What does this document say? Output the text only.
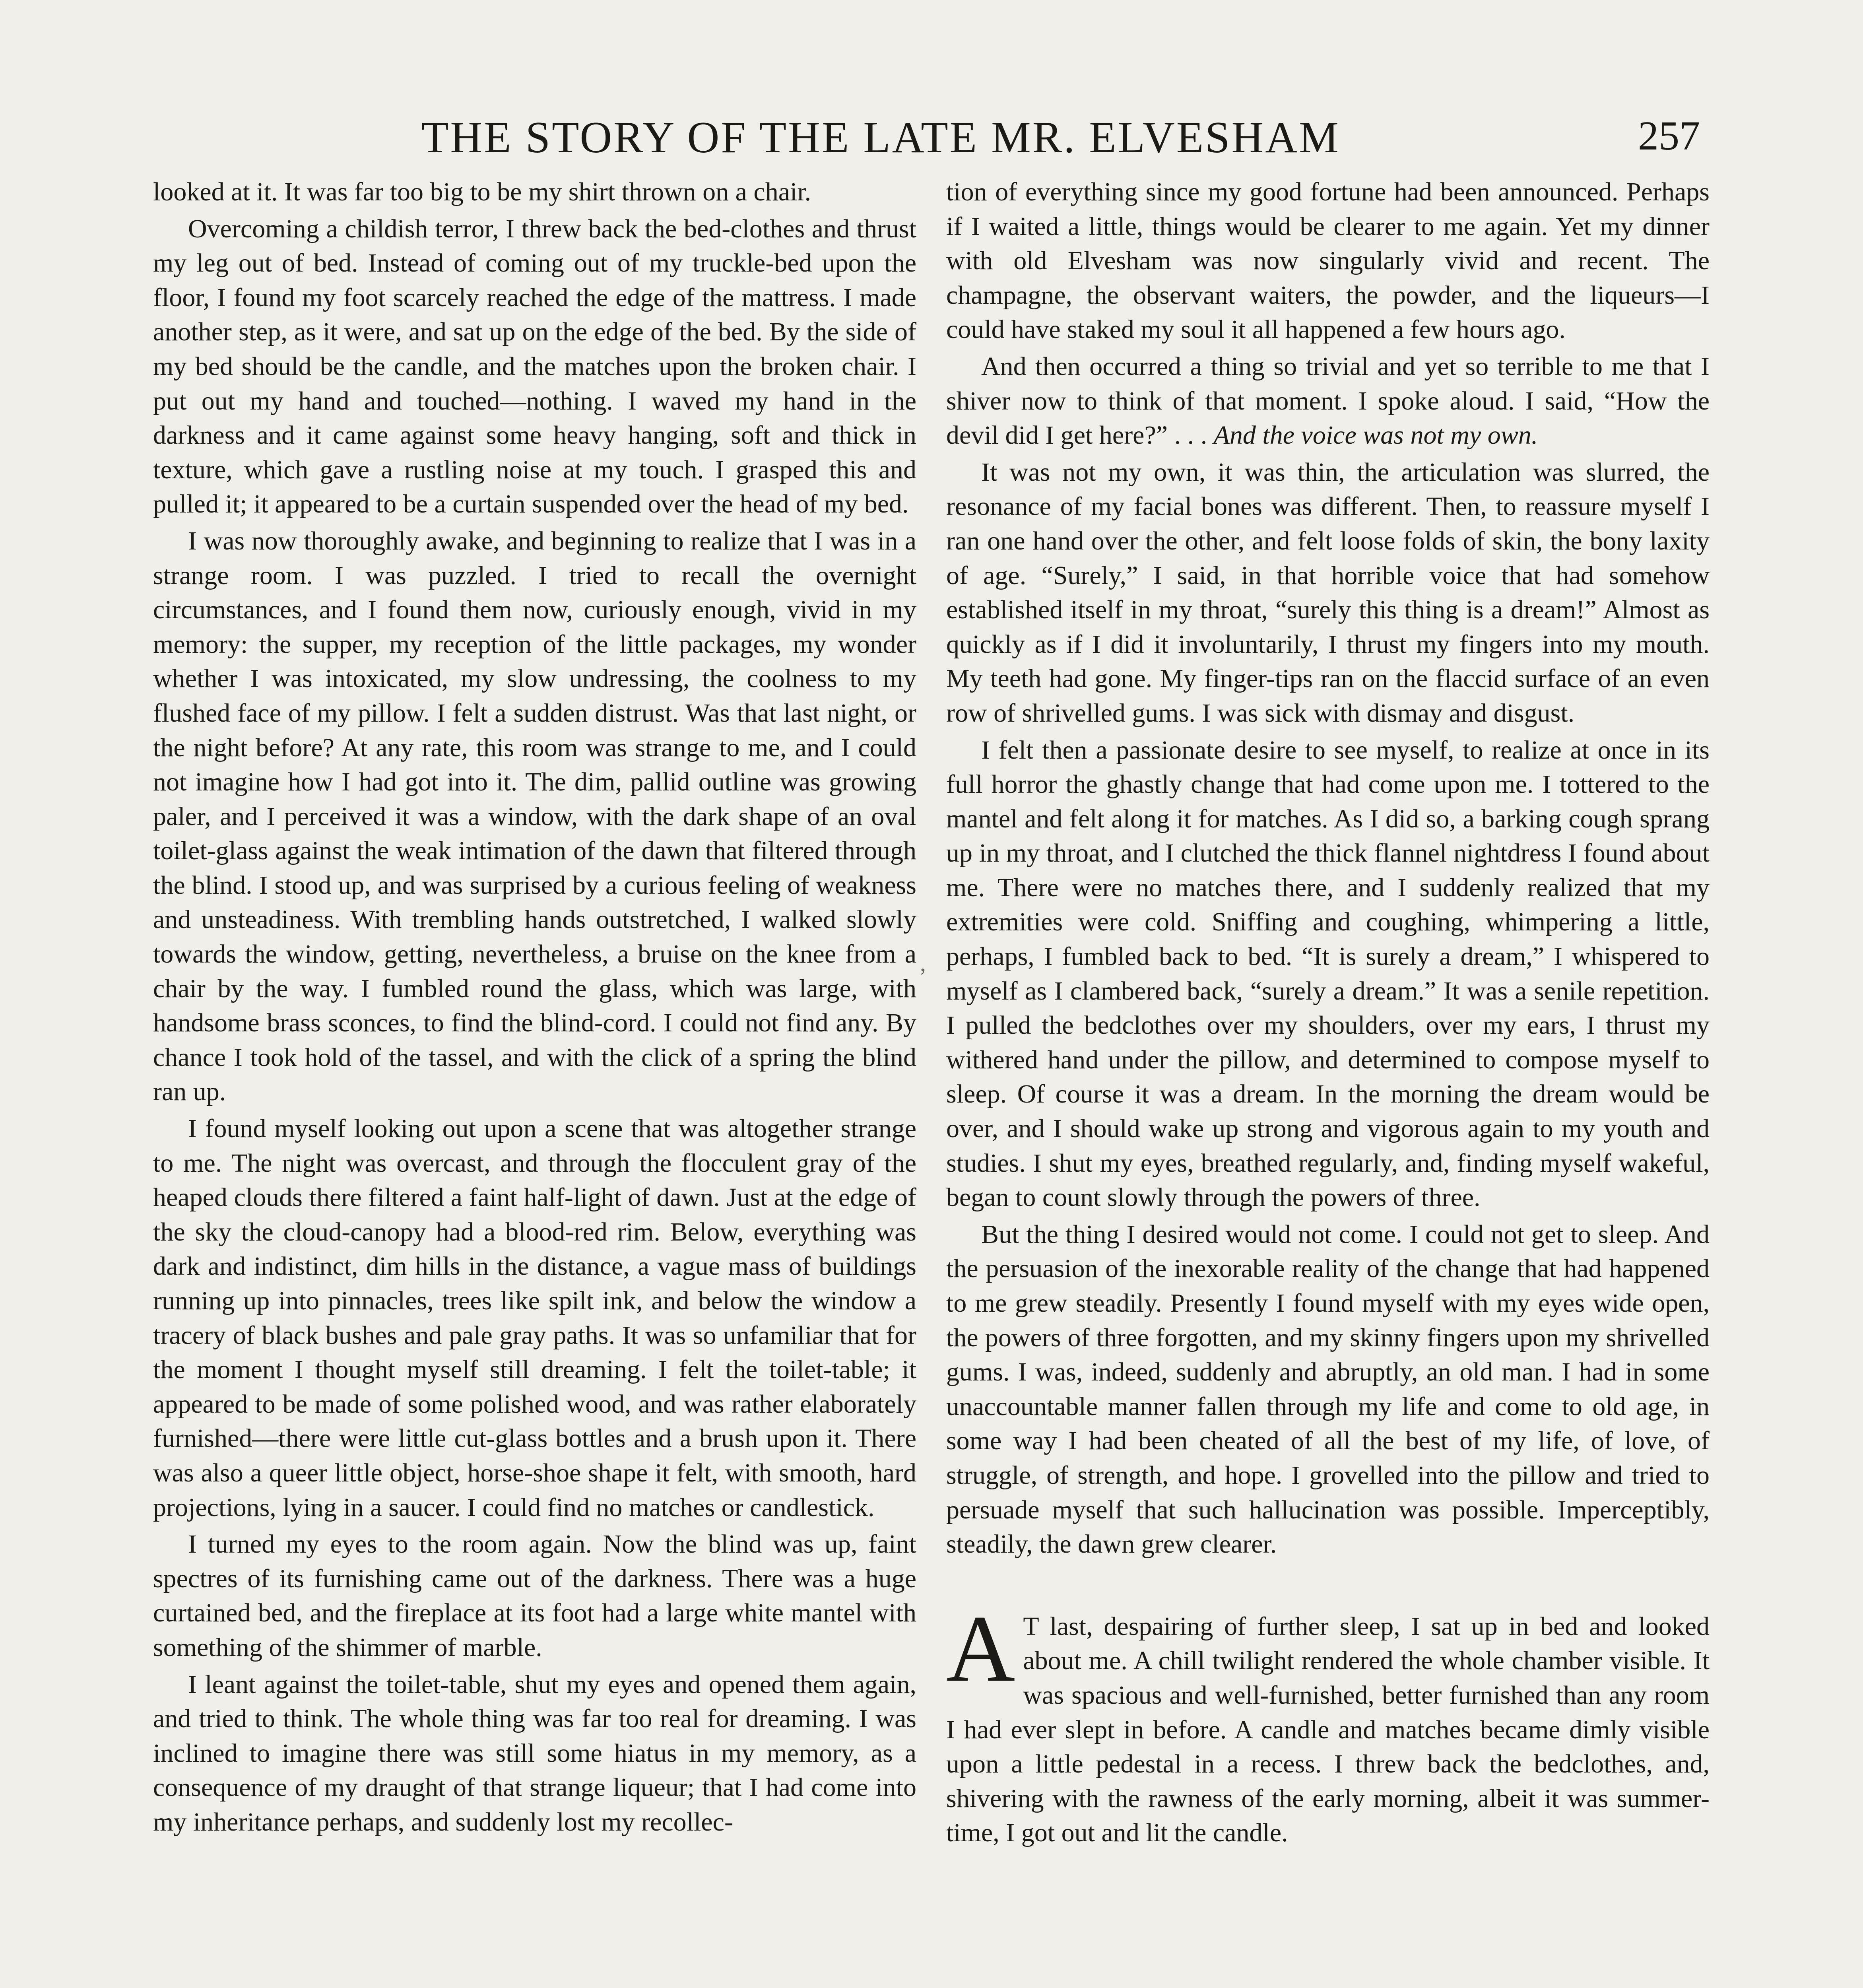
THE STORY OF THE LATE MR. ELVESHAM	257

looked at it. It was far too big to be my shirt thrown on a chair.

Overcoming a childish terror, I threw back the bed-clothes and thrust my leg out of bed. Instead of coming out of my truckle-bed upon the floor, I found my foot scarcely reached the edge of the mattress. I made another step, as it were, and sat up on the edge of the bed. By the side of my bed should be the candle, and the matches upon the broken chair. I put out my hand and touched—nothing. I waved my hand in the darkness and it came against some heavy hanging, soft and thick in texture, which gave a rustling noise at my touch. I grasped this and pulled it; it appeared to be a curtain suspended over the head of my bed.

I was now thoroughly awake, and beginning to realize that I was in a strange room. I was puzzled. I tried to recall the overnight circumstances, and I found them now, curiously enough, vivid in my memory: the supper, my reception of the little packages, my wonder whether I was intoxicated, my slow undressing, the coolness to my flushed face of my pillow. I felt a sudden distrust. Was that last night, or the night before? At any rate, this room was strange to me, and I could not imagine how I had got into it. The dim, pallid outline was growing paler, and I perceived it was a window, with the dark shape of an oval toilet-glass against the weak intimation of the dawn that filtered through the blind. I stood up, and was surprised by a curious feeling of weakness and unsteadiness. With trembling hands outstretched, I walked slowly towards the window, getting, nevertheless, a bruise on the knee from a chair by the way. I fumbled round the glass, which was large, with handsome brass sconces, to find the blind-cord. I could not find any. By chance I took hold of the tassel, and with the click of a spring the blind ran up.

I found myself looking out upon a scene that was altogether strange to me. The night was overcast, and through the flocculent gray of the heaped clouds there filtered a faint half-light of dawn. Just at the edge of the sky the cloud-canopy had a blood-red rim. Below, everything was dark and indistinct, dim hills in the distance, a vague mass of buildings running up into pinnacles, trees like spilt ink, and below the window a tracery of black bushes and pale gray paths. It was so unfamiliar that for the moment I thought myself still dreaming. I felt the toilet-table; it appeared to be made of some polished wood, and was rather elaborately furnished—there were little cut-glass bottles and a brush upon it. There was also a queer little object, horse-shoe shape it felt, with smooth, hard projections, lying in a saucer. I could find no matches or candlestick.

I turned my eyes to the room again. Now the blind was up, faint spectres of its furnishing came out of the darkness. There was a huge curtained bed, and the fireplace at its foot had a large white mantel with something of the shimmer of marble.

I leant against the toilet-table, shut my eyes and opened them again, and tried to think. The whole thing was far too real for dreaming. I was inclined to imagine there was still some hiatus in my memory, as a consequence of my draught of that strange liqueur; that I had come into my inheritance perhaps, and suddenly lost my recollec-

,

tion of everything since my good fortune had been announced. Perhaps if I waited a little, things would be clearer to me again. Yet my dinner with old Elvesham was now singularly vivid and recent. The champagne, the observant waiters, the powder, and the liqueurs—I could have staked my soul it all happened a few hours ago.

And then occurred a thing so trivial and yet so terrible to me that I shiver now to think of that moment. I spoke aloud. I said, “How the devil did I get here?” . . . And the voice was not my own.

It was not my own, it was thin, the articulation was slurred, the resonance of my facial bones was different. Then, to reassure myself I ran one hand over the other, and felt loose folds of skin, the bony laxity of age. “Surely,” I said, in that horrible voice that had somehow established itself in my throat, “surely this thing is a dream!” Almost as quickly as if I did it involuntarily, I thrust my fingers into my mouth. My teeth had gone. My finger-tips ran on the flaccid surface of an even row of shrivelled gums. I was sick with dismay and disgust.

I felt then a passionate desire to see myself, to realize at once in its full horror the ghastly change that had come upon me. I tottered to the mantel and felt along it for matches. As I did so, a barking cough sprang up in my throat, and I clutched the thick flannel nightdress I found about me. There were no matches there, and I suddenly realized that my extremities were cold. Sniffing and coughing, whimpering a little, perhaps, I fumbled back to bed. “It is surely a dream,” I whispered to myself as I clambered back, “surely a dream.” It was a senile repetition. I pulled the bedclothes over my shoulders, over my ears, I thrust my withered hand under the pillow, and determined to compose myself to sleep. Of course it was a dream. In the morning the dream would be over, and I should wake up strong and vigorous again to my youth and studies. I shut my eyes, breathed regularly, and, finding myself wakeful, began to count slowly through the powers of three.

But the thing I desired would not come. I could not get to sleep. And the persuasion of the inexorable reality of the change that had happened to me grew steadily. Presently I found myself with my eyes wide open, the powers of three forgotten, and my skinny fingers upon my shrivelled gums. I was, indeed, suddenly and abruptly, an old man. I had in some unaccountable manner fallen through my life and come to old age, in some way I had been cheated of all the best of my life, of love, of struggle, of strength, and hope. I grovelled into the pillow and tried to persuade myself that such hallucination was possible. Imperceptibly, steadily, the dawn grew clearer.

A T last, despairing of further sleep, I sat up in bed and looked about me. A chill twilight rendered the whole chamber visible. It was spacious and well-furnished, better furnished than any room I had ever slept in before. A candle and matches became dimly visible upon a little pedestal in a recess. I threw back the bedclothes, and, shivering with the rawness of the early morning, albeit it was summer-time, I got out and lit the candle.
